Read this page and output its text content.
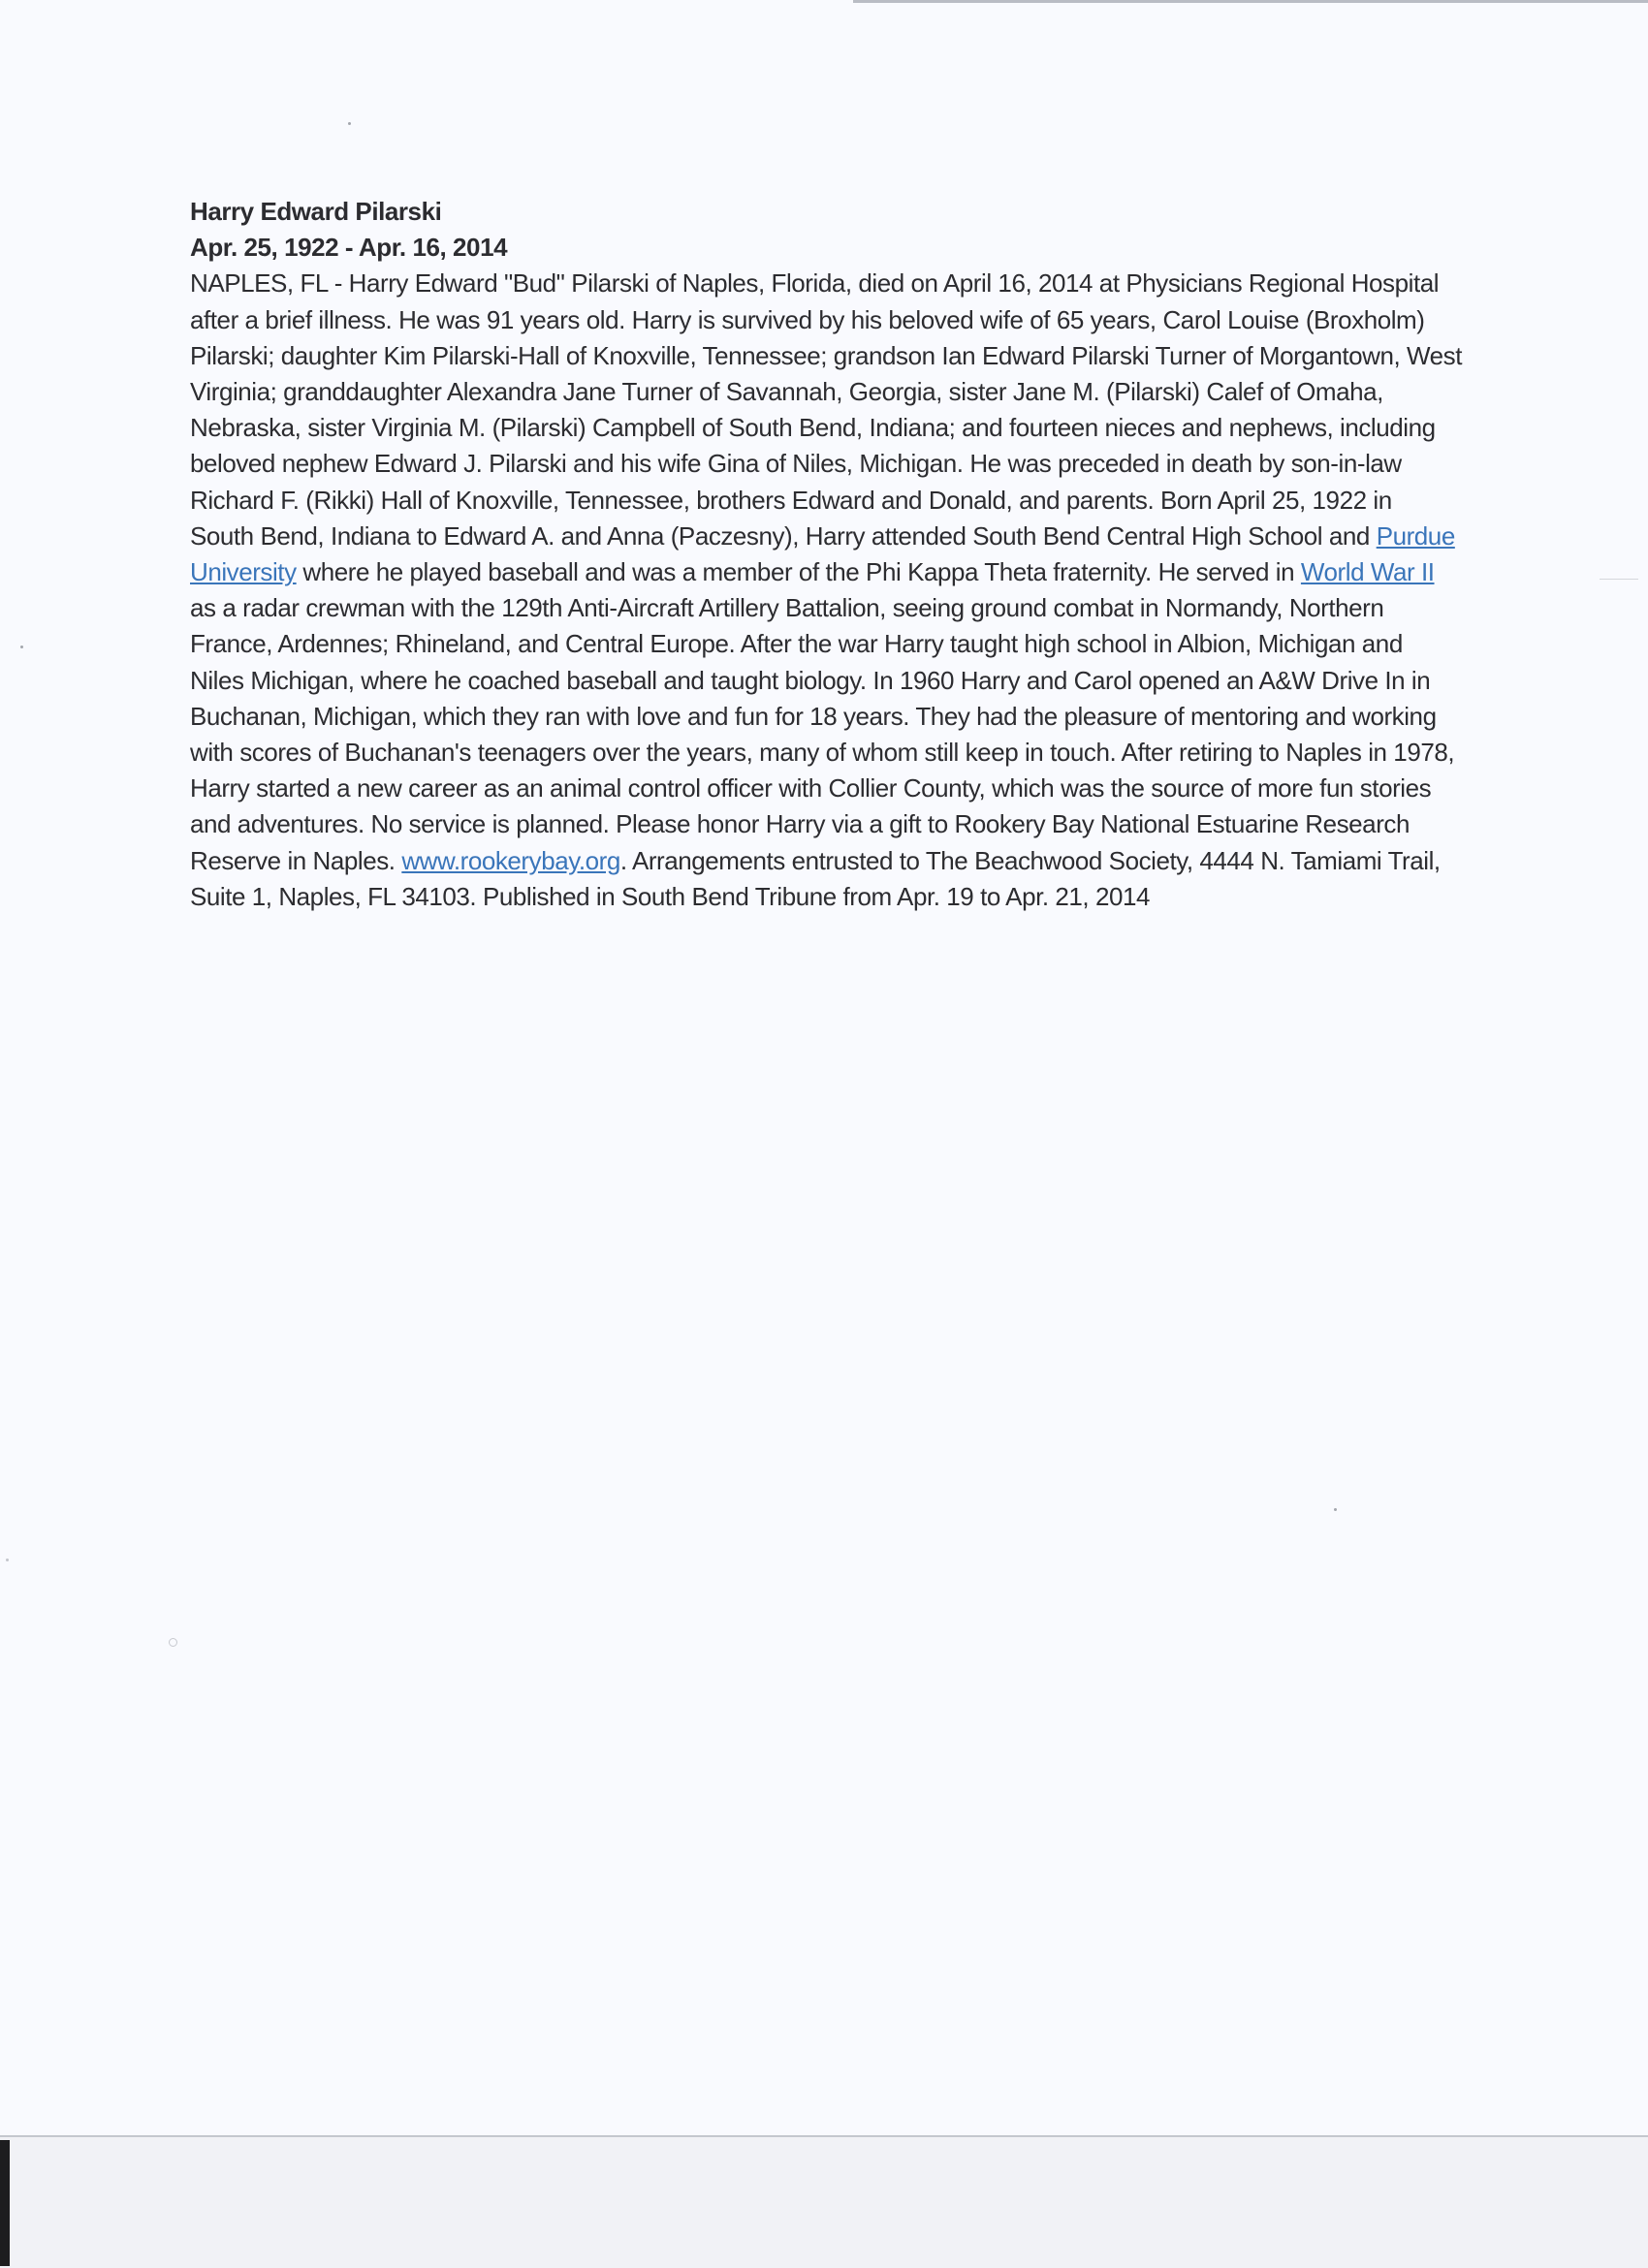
Harry Edward Pilarski
Apr. 25, 1922 - Apr. 16, 2014

NAPLES, FL - Harry Edward "Bud" Pilarski of Naples, Florida, died on April 16, 2014 at Physicians Regional Hospital after a brief illness. He was 91 years old. Harry is survived by his beloved wife of 65 years, Carol Louise (Broxholm) Pilarski; daughter Kim Pilarski-Hall of Knoxville, Tennessee; grandson Ian Edward Pilarski Turner of Morgantown, West Virginia; granddaughter Alexandra Jane Turner of Savannah, Georgia, sister Jane M. (Pilarski) Calef of Omaha, Nebraska, sister Virginia M. (Pilarski) Campbell of South Bend, Indiana; and fourteen nieces and nephews, including beloved nephew Edward J. Pilarski and his wife Gina of Niles, Michigan. He was preceded in death by son-in-law Richard F. (Rikki) Hall of Knoxville, Tennessee, brothers Edward and Donald, and parents. Born April 25, 1922 in South Bend, Indiana to Edward A. and Anna (Paczesny), Harry attended South Bend Central High School and Purdue University where he played baseball and was a member of the Phi Kappa Theta fraternity. He served in World War II as a radar crewman with the 129th Anti-Aircraft Artillery Battalion, seeing ground combat in Normandy, Northern France, Ardennes; Rhineland, and Central Europe. After the war Harry taught high school in Albion, Michigan and Niles Michigan, where he coached baseball and taught biology. In 1960 Harry and Carol opened an A&W Drive In in Buchanan, Michigan, which they ran with love and fun for 18 years. They had the pleasure of mentoring and working with scores of Buchanan's teenagers over the years, many of whom still keep in touch. After retiring to Naples in 1978, Harry started a new career as an animal control officer with Collier County, which was the source of more fun stories and adventures. No service is planned. Please honor Harry via a gift to Rookery Bay National Estuarine Research Reserve in Naples. www.rookerybay.org. Arrangements entrusted to The Beachwood Society, 4444 N. Tamiami Trail, Suite 1, Naples, FL 34103. Published in South Bend Tribune from Apr. 19 to Apr. 21, 2014
